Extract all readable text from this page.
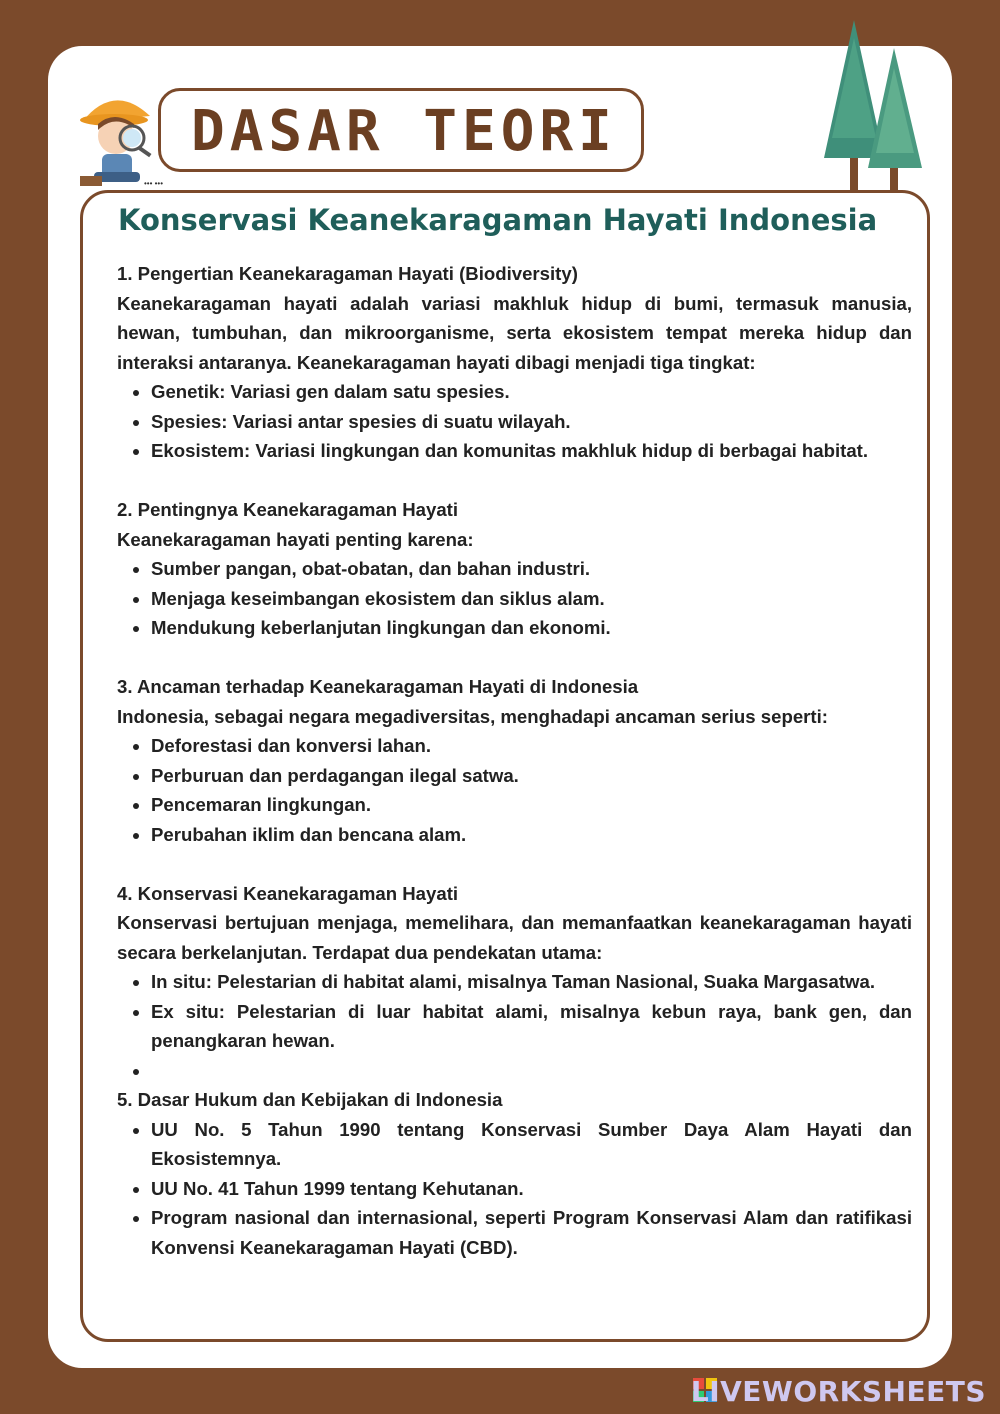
••• •••
DASAR TEORI
Konservasi Keanekaragaman Hayati Indonesia

1. Pengertian Keanekaragaman Hayati (Biodiversity)

Keanekaragaman hayati adalah variasi makhluk hidup di bumi, termasuk manusia, hewan, tumbuhan, dan mikroorganisme, serta ekosistem tempat mereka hidup dan interaksi antaranya. Keanekaragaman hayati dibagi menjadi tiga tingkat:

• Genetik: Variasi gen dalam satu spesies.
• Spesies: Variasi antar spesies di suatu wilayah.
• Ekosistem: Variasi lingkungan dan komunitas makhluk hidup di berbagai habitat.

2. Pentingnya Keanekaragaman Hayati

Keanekaragaman hayati penting karena:

• Sumber pangan, obat-obatan, dan bahan industri.
• Menjaga keseimbangan ekosistem dan siklus alam.
• Mendukung keberlanjutan lingkungan dan ekonomi.

3. Ancaman terhadap Keanekaragaman Hayati di Indonesia

Indonesia, sebagai negara megadiversitas, menghadapi ancaman serius seperti:

• Deforestasi dan konversi lahan.
• Perburuan dan perdagangan ilegal satwa.
• Pencemaran lingkungan.
• Perubahan iklim dan bencana alam.

4. Konservasi Keanekaragaman Hayati

Konservasi bertujuan menjaga, memelihara, dan memanfaatkan keanekaragaman hayati secara berkelanjutan. Terdapat dua pendekatan utama:

• In situ: Pelestarian di habitat alami, misalnya Taman Nasional, Suaka Margasatwa.
• Ex situ: Pelestarian di luar habitat alami, misalnya kebun raya, bank gen, dan penangkaran hewan.
•

5. Dasar Hukum dan Kebijakan di Indonesia

• UU No. 5 Tahun 1990 tentang Konservasi Sumber Daya Alam Hayati dan Ekosistemnya.
• UU No. 41 Tahun 1999 tentang Kehutanan.
• Program nasional dan internasional, seperti Program Konservasi Alam dan ratifikasi Konvensi Keanekaragaman Hayati (CBD).
LIVEWORKSHEETS
